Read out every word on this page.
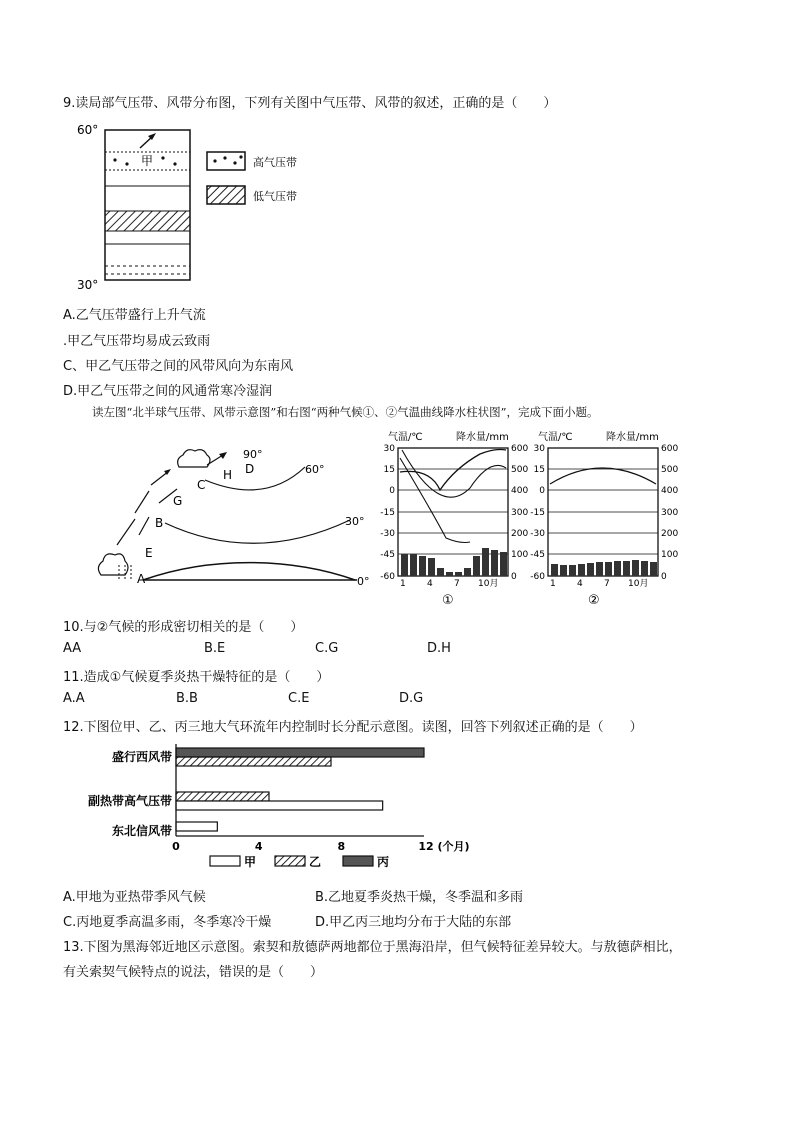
9.读局部气压带、风带分布图，下列有关图中气压带、风带的叙述，正确的是（　　）
60°
甲
30°
高气压带
低气压带
A.乙气压带盛行上升气流
.甲乙气压带均易成云致雨
C、甲乙气压带之间的风带风向为东南风
D.甲乙气压带之间的风通常寒冷湿润
读左图“北半球气压带、风带示意图”和右图“两种气候①、②气温曲线降水柱状图”，完成下面小题。
A
E
B
G
C
H D
90°
60°
30°
0°
气温/℃	降水量/mm
30
15
0
-15
-30
-45
-60
600
500
400
300
200
100
0
1 4 7 10月
①
气温/℃	降水量/mm
30
15
0
-15
-30
-45
-60
600
500
400
300
200
100
0
1 4 7 10月
②
10.与②气候的形成密切相关的是（　　）
AA	B.E	C.G	D.H
11.造成①气候夏季炎热干燥特征的是（　　）
A.A	B.B	C.E	D.G
12.下图位甲、乙、丙三地大气环流年内控制时长分配示意图。读图，回答下列叙述正确的是（　　）
盛行西风带
副热带高气压带
东北信风带
0	4	8	12 (个月)
甲	乙	丙
A.甲地为亚热带季风气候	B.乙地夏季炎热干燥，冬季温和多雨
C.丙地夏季高温多雨，冬季寒冷干燥	D.甲乙丙三地均分布于大陆的东部
13.下图为黑海邻近地区示意图。索契和敖德萨两地都位于黑海沿岸，但气候特征差异较大。与敖德萨相比，
有关索契气候特点的说法，错误的是（　　）
